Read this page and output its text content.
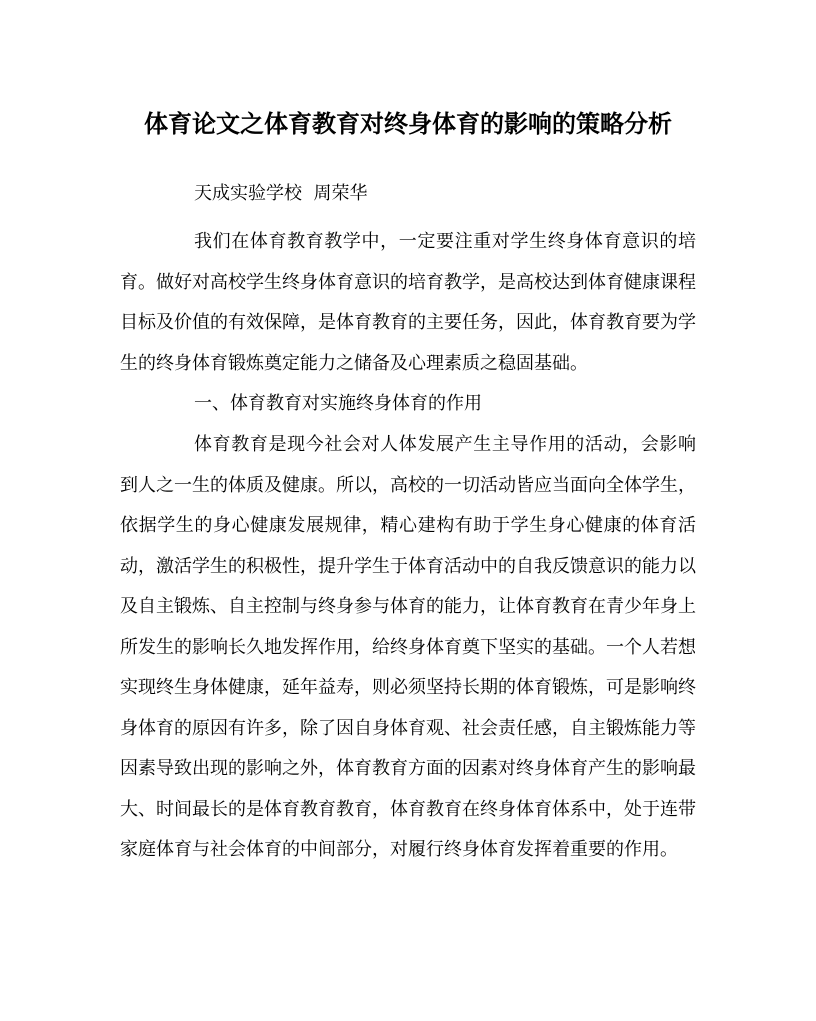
体育论文之体育教育对终身体育的影响的策略分析

天成实验学校  周荣华

我们在体育教育教学中，一定要注重对学生终身体育意识的培育。做好对高校学生终身体育意识的培育教学，是高校达到体育健康课程目标及价值的有效保障，是体育教育的主要任务，因此，体育教育要为学生的终身体育锻炼奠定能力之储备及心理素质之稳固基础。

一、体育教育对实施终身体育的作用

体育教育是现今社会对人体发展产生主导作用的活动，会影响到人之一生的体质及健康。所以，高校的一切活动皆应当面向全体学生，依据学生的身心健康发展规律，精心建构有助于学生身心健康的体育活动，激活学生的积极性，提升学生于体育活动中的自我反馈意识的能力以及自主锻炼、自主控制与终身参与体育的能力，让体育教育在青少年身上所发生的影响长久地发挥作用，给终身体育奠下坚实的基础。一个人若想实现终生身体健康，延年益寿，则必须坚持长期的体育锻炼，可是影响终身体育的原因有许多，除了因自身体育观、社会责任感，自主锻炼能力等因素导致出现的影响之外，体育教育方面的因素对终身体育产生的影响最大、时间最长的是体育教育教育，体育教育在终身体育体系中，处于连带家庭体育与社会体育的中间部分，对履行终身体育发挥着重要的作用。
